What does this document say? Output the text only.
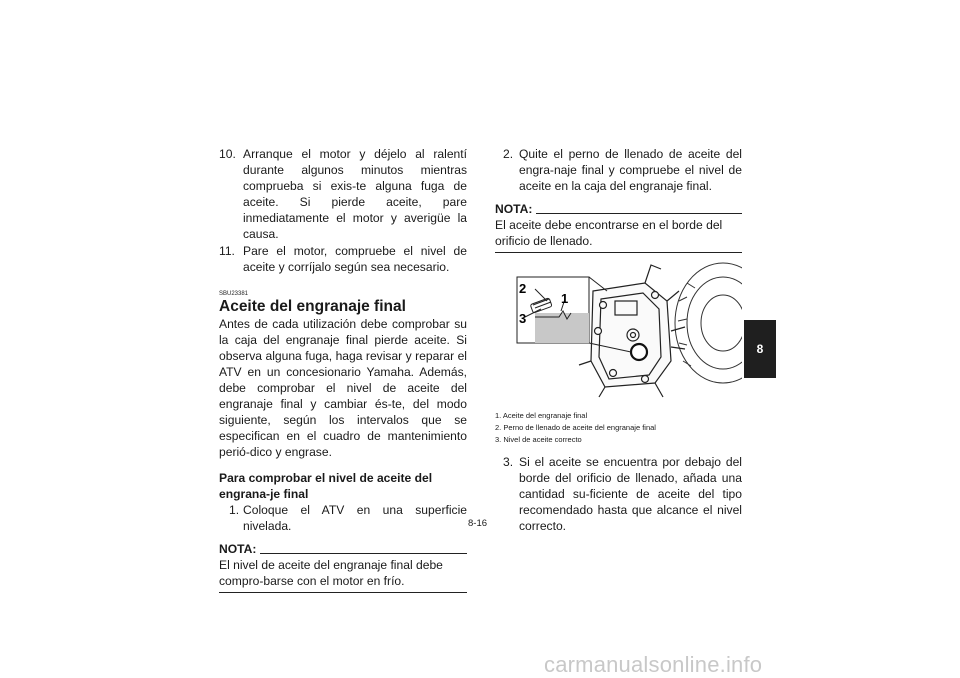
10. Arranque el motor y déjelo al ralentí durante algunos minutos mientras comprueba si exis-te alguna fuga de aceite. Si pierde aceite, pare inmediatamente el motor y averigüe la causa.
11. Pare el motor, compruebe el nivel de aceite y corríjalo según sea necesario.
SBU23381
Aceite del engranaje final

Antes de cada utilización debe comprobar su la caja del engranaje final pierde aceite. Si observa alguna fuga, haga revisar y reparar el ATV en un concesionario Yamaha. Además, debe comprobar el nivel de aceite del engranaje final y cambiar és-te, del modo siguiente, según los intervalos que se especifican en el cuadro de mantenimiento perió-dico y engrase.

Para comprobar el nivel de aceite del engrana-je final

1. Coloque el ATV en una superficie nivelada.
NOTA:

El nivel de aceite del engranaje final debe compro-barse con el motor en frío.

2. Quite el perno de llenado de aceite del engra-naje final y compruebe el nivel de aceite en la caja del engranaje final.
NOTA:

El aceite debe encontrarse en el borde del orificio de llenado.

2
1
3
1. Aceite del engranaje final
2. Perno de llenado de aceite del engranaje final
3. Nivel de aceite correcto
3. Si el aceite se encuentra por debajo del borde del orificio de llenado, añada una cantidad su-ficiente de aceite del tipo recomendado hasta que alcance el nivel correcto.
8-16
8
carmanualsonline.info
